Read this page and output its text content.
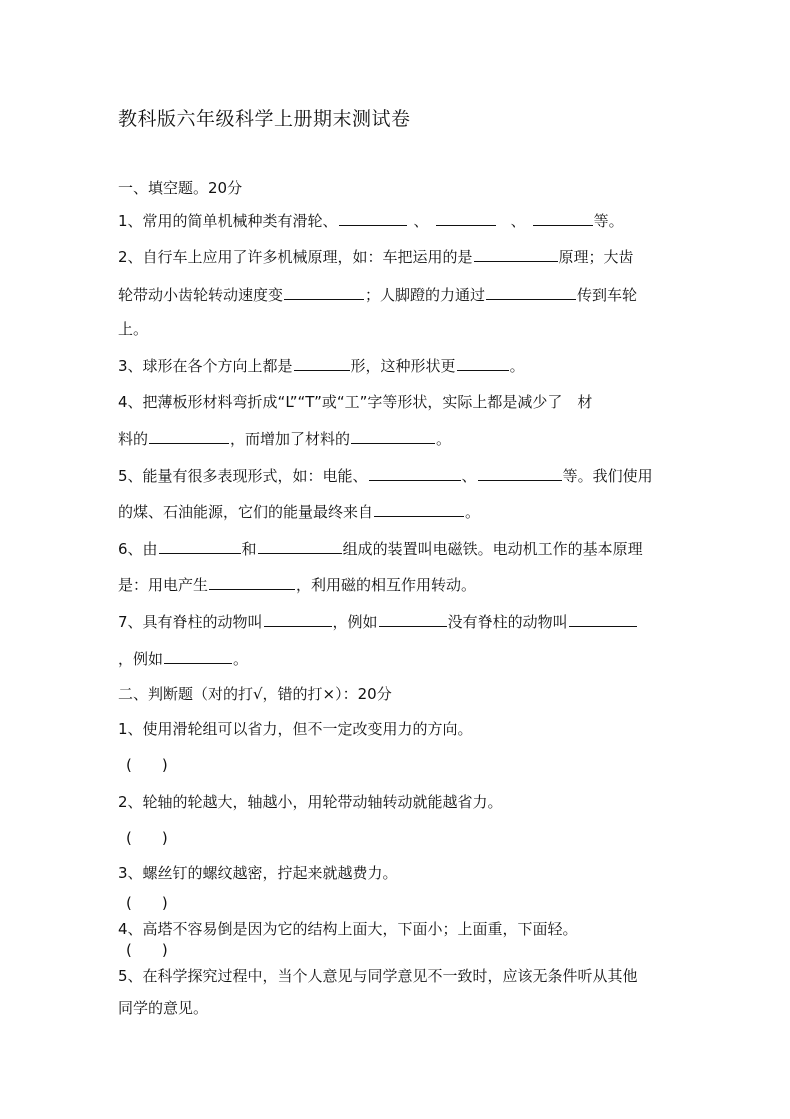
教科版六年级科学上册期末测试卷
一、填空题。20分
1、常用的简单机械种类有滑轮、	、	、	等。
2、自行车上应用了许多机械原理，如：车把运用的是	原理；大齿
轮带动小齿轮转动速度变	；人脚蹬的力通过	传到车轮
上。
3、球形在各个方向上都是	形，这种形状更	。
4、把薄板形材料弯折成“L”“T”或“工”字等形状，实际上都是减少了　材
料的	，而增加了材料的	。
5、能量有很多表现形式，如：电能、	、	等。我们使用
的煤、石油能源，它们的能量最终来自	。
6、由	和	组成的装置叫电磁铁。电动机工作的基本原理
是：用电产生	，利用磁的相互作用转动。
7、具有脊柱的动物叫	，例如	没有脊柱的动物叫
，例如	。
二、判断题（对的打√，错的打×）：20分
1、使用滑轮组可以省力，但不一定改变用力的方向。
(　　)
2、轮轴的轮越大，轴越小，用轮带动轴转动就能越省力。
(　　)
3、螺丝钉的螺纹越密，拧起来就越费力。
(　　)
4、高塔不容易倒是因为它的结构上面大，下面小；上面重，下面轻。
(　　)
5、在科学探究过程中，当个人意见与同学意见不一致时，应该无条件听从其他
同学的意见。
